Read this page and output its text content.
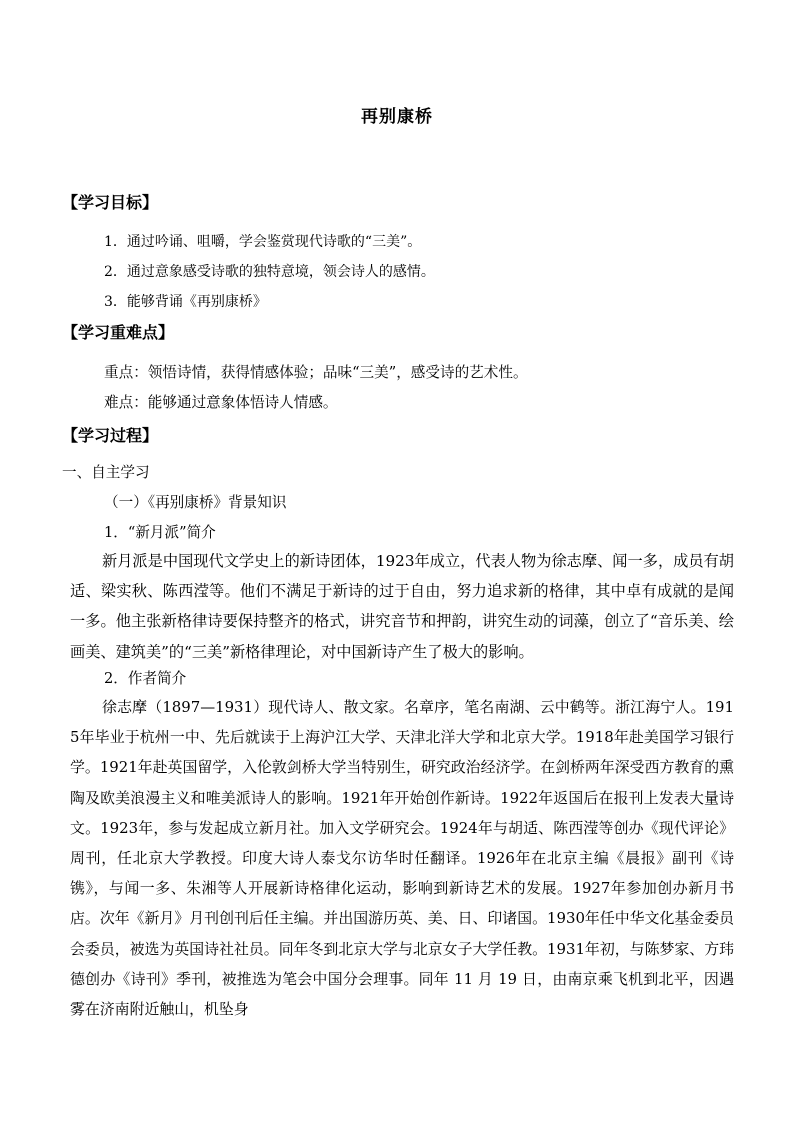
再别康桥
【学习目标】
1．通过吟诵、咀嚼，学会鉴赏现代诗歌的“三美”。
2．通过意象感受诗歌的独特意境，领会诗人的感情。
3．能够背诵《再别康桥》
【学习重难点】
重点：领悟诗情，获得情感体验；品味“三美”，感受诗的艺术性。
难点：能够通过意象体悟诗人情感。
【学习过程】
一、自主学习
（一）《再别康桥》背景知识
1．“新月派”简介

新月派是中国现代文学史上的新诗团体，1923年成立，代表人物为徐志摩、闻一多，成员有胡适、梁实秋、陈西滢等。他们不满足于新诗的过于自由，努力追求新的格律，其中卓有成就的是闻一多。他主张新格律诗要保持整齐的格式，讲究音节和押韵，讲究生动的词藻，创立了“音乐美、绘画美、建筑美”的“三美”新格律理论，对中国新诗产生了极大的影响。

2．作者简介

徐志摩（1897—1931）现代诗人、散文家。名章序，笔名南湖、云中鹤等。浙江海宁人。1915年毕业于杭州一中、先后就读于上海沪江大学、天津北洋大学和北京大学。1918年赴美国学习银行学。1921年赴英国留学，入伦敦剑桥大学当特别生，研究政治经济学。在剑桥两年深受西方教育的熏陶及欧美浪漫主义和唯美派诗人的影响。1921年开始创作新诗。1922年返国后在报刊上发表大量诗文。1923年，参与发起成立新月社。加入文学研究会。1924年与胡适、陈西滢等创办《现代评论》周刊，任北京大学教授。印度大诗人泰戈尔访华时任翻译。1926年在北京主编《晨报》副刊《诗镌》，与闻一多、朱湘等人开展新诗格律化运动，影响到新诗艺术的发展。1927年参加创办新月书店。次年《新月》月刊创刊后任主编。并出国游历英、美、日、印诸国。1930年任中华文化基金委员会委员，被选为英国诗社社员。同年冬到北京大学与北京女子大学任教。1931年初，与陈梦家、方玮德创办《诗刊》季刊，被推选为笔会中国分会理事。同年 11 月 19 日，由南京乘飞机到北平，因遇雾在济南附近触山，机坠身
